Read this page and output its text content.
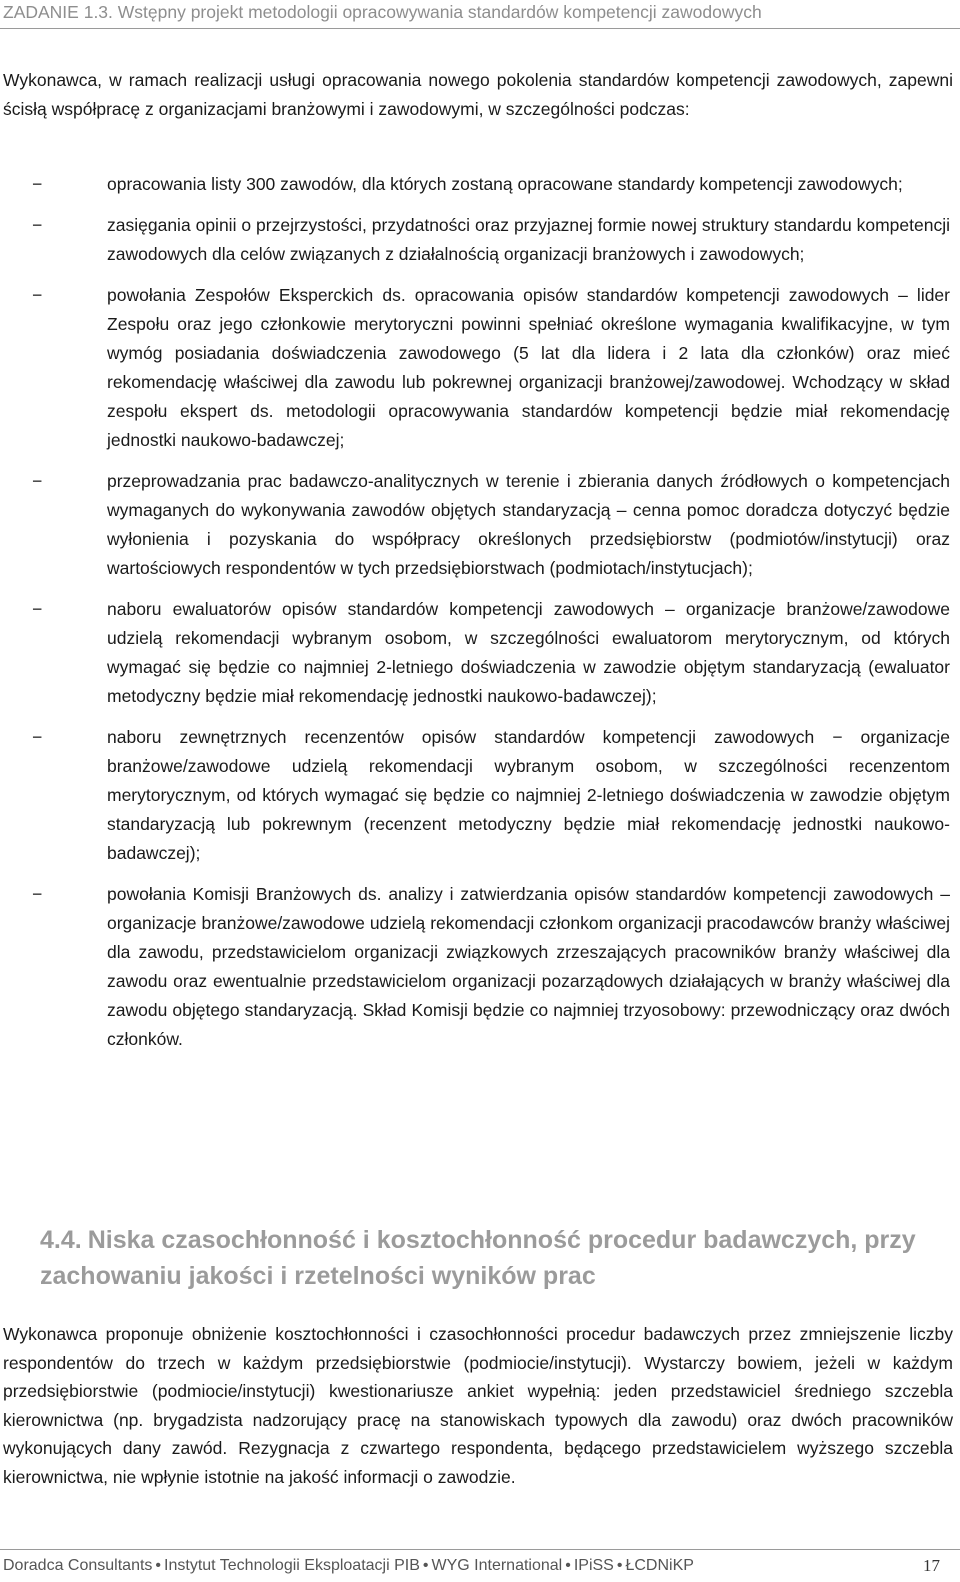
ZADANIE 1.3. Wstępny projekt metodologii opracowywania standardów kompetencji zawodowych

Wykonawca, w ramach realizacji usługi opracowania nowego pokolenia standardów kompetencji zawodowych, zapewni ścisłą współpracę z organizacjami branżowymi i zawodowymi, w szczególności podczas:

−	opracowania listy 300 zawodów, dla których zostaną opracowane standardy kompetencji zawodowych;
−	zasięgania opinii o przejrzystości, przydatności oraz przyjaznej formie nowej struktury standardu kompetencji zawodowych dla celów związanych z działalnością organizacji branżowych i zawodowych;
−	powołania Zespołów Eksperckich ds. opracowania opisów standardów kompetencji zawodowych – lider Zespołu oraz jego członkowie merytoryczni powinni spełniać określone wymagania kwalifikacyjne, w tym wymóg posiadania doświadczenia zawodowego (5 lat dla lidera i 2 lata dla członków) oraz mieć rekomendację właściwej dla zawodu lub pokrewnej organizacji branżowej/zawodowej. Wchodzący w skład zespołu ekspert ds. metodologii opracowywania standardów kompetencji będzie miał rekomendację jednostki naukowo-badawczej;
−	przeprowadzania prac badawczo-analitycznych w terenie i zbierania danych źródłowych o kompetencjach wymaganych do wykonywania zawodów objętych standaryzacją – cenna pomoc doradcza dotyczyć będzie wyłonienia i pozyskania do współpracy określonych przedsiębiorstw (podmiotów/instytucji) oraz wartościowych respondentów w tych przedsiębiorstwach (podmiotach/instytucjach);
−	naboru ewaluatorów opisów standardów kompetencji zawodowych – organizacje branżowe/zawodowe udzielą rekomendacji wybranym osobom, w szczególności ewaluatorom merytorycznym, od których wymagać się będzie co najmniej 2-letniego doświadczenia w zawodzie objętym standaryzacją (ewaluator metodyczny będzie miał rekomendację jednostki naukowo-badawczej);
−	naboru zewnętrznych recenzentów opisów standardów kompetencji zawodowych − organizacje branżowe/zawodowe udzielą rekomendacji wybranym osobom, w szczególności recenzentom merytorycznym, od których wymagać się będzie co najmniej 2-letniego doświadczenia w zawodzie objętym standaryzacją lub pokrewnym (recenzent metodyczny będzie miał rekomendację jednostki naukowo-badawczej);
−	powołania Komisji Branżowych ds. analizy i zatwierdzania opisów standardów kompetencji zawodowych – organizacje branżowe/zawodowe udzielą rekomendacji członkom organizacji pracodawców branży właściwej dla zawodu, przedstawicielom organizacji związkowych zrzeszających pracowników branży właściwej dla zawodu oraz ewentualnie przedstawicielom organizacji pozarządowych działających w branży właściwej dla zawodu objętego standaryzacją. Skład Komisji będzie co najmniej trzyosobowy: przewodniczący oraz dwóch członków.
4.4. Niska czasochłonność i kosztochłonność procedur badawczych, przy zachowaniu jakości i rzetelności wyników prac

Wykonawca proponuje obniżenie kosztochłonności i czasochłonności procedur badawczych przez zmniejszenie liczby respondentów do trzech w każdym przedsiębiorstwie (podmiocie/instytucji). Wystarczy bowiem, jeżeli w każdym przedsiębiorstwie (podmiocie/instytucji) kwestionariusze ankiet wypełnią: jeden przedstawiciel średniego szczebla kierownictwa (np. brygadzista nadzorujący pracę na stanowiskach typowych dla zawodu) oraz dwóch pracowników wykonujących dany zawód. Rezygnacja z czwartego respondenta, będącego przedstawicielem wyższego szczebla kierownictwa, nie wpłynie istotnie na jakość informacji o zawodzie.

Doradca Consultants • Instytut Technologii Eksploatacji PIB • WYG International • IPiSS • ŁCDNiKP	17
